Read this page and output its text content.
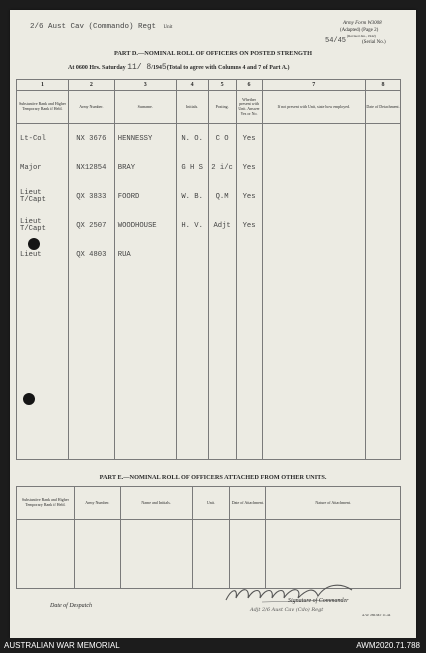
2/6 Aust Cav (Commando) Regt Unit
Army Form W3008
(Adapted) (Page 2)
(Revised Jan., 1942)
54/45	(Serial No.)
PART D.—NOMINAL ROLL OF OFFICERS ON POSTED STRENGTH
At 0600 Hrs. Saturday 11/ 8/1945(Total to agree with Columns 4 and 7 of Part A.)
1	2	3	4	5	6	7	8
Substantive Rank and Higher Temporary Rank if Held.	Army Number.	Surname.	Initials.	Posting.	Whether present with Unit. Answer Yes or No.	If not present with Unit, state how employed.	Date of Detachment.
Lt-Col	NX 3676	HENNESSY	N. O.	C O	Yes		
Major	NX12854	BRAY	G H S	2 i/c	Yes		
Lieut T/Capt	QX 3833	FOORD	W. B.	Q.M	Yes		
Lieut T/Capt	QX 2507	WOODHOUSE	H. V.	Adjt	Yes		
Lieut	QX 4803	RUA					

PART E.—NOMINAL ROLL OF OFFICERS ATTACHED FROM OTHER UNITS.
Substantive Rank and Higher Temporary Rank if Held.	Army Number.	Name and Initials.	Unit.	Date of Attachment.	Nature of Attachment.

Date of Despatch
Adjt 2/6 Aust Cav (Cdo) Regt
Signature of Commander
A.W. 28h M/r 11-44
AUSTRALIAN WAR MEMORIAL	AWM2020.71.788
